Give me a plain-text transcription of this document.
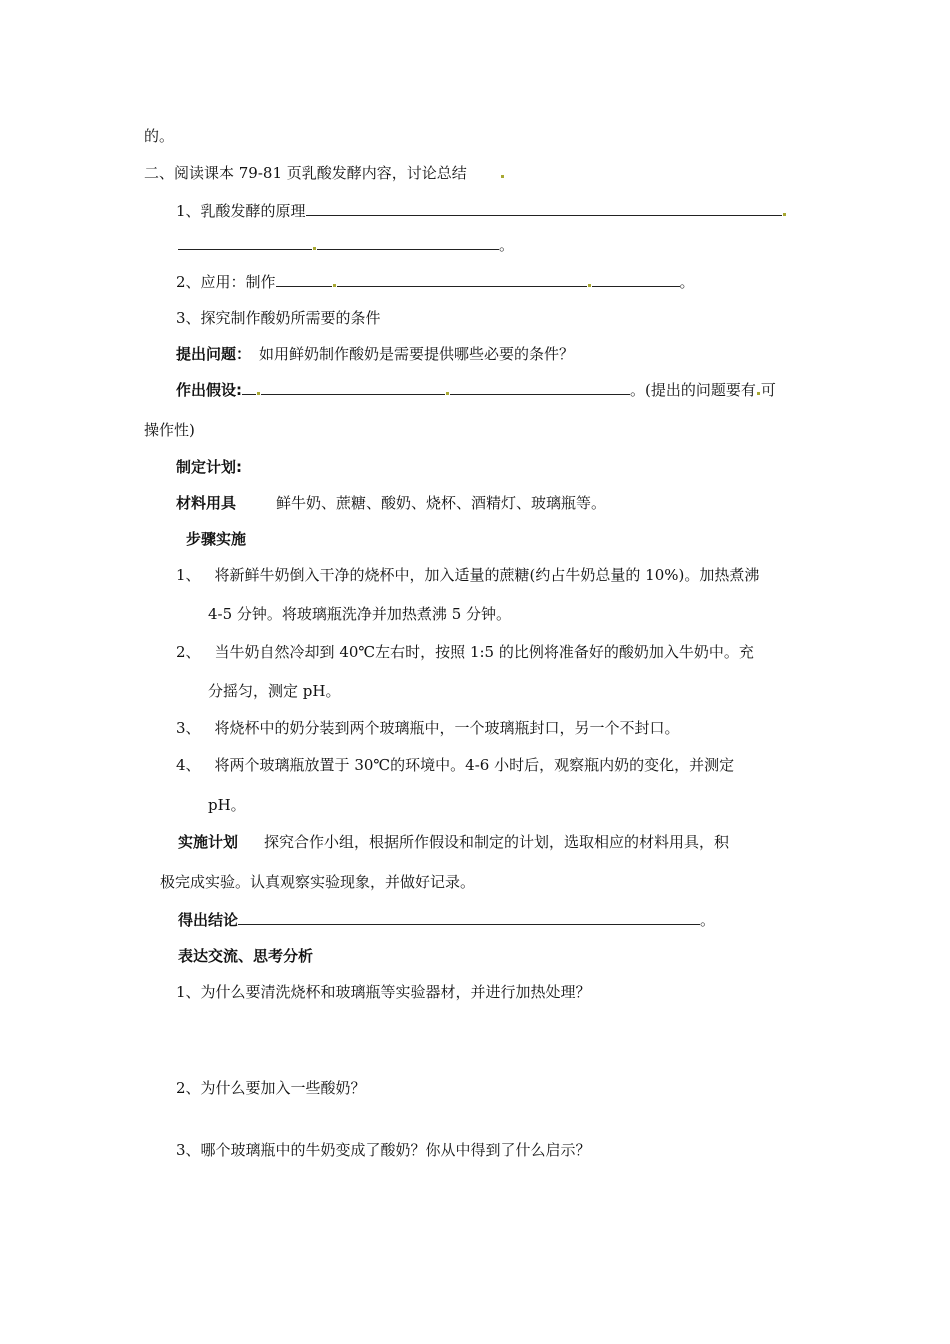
的。
二、阅读课本 79-81 页乳酸发酵内容，讨论总结
1、乳酸发酵的原理
。
2、应用：制作	。
3、探究制作酸奶所需要的条件
提出问题： 如用鲜奶制作酸奶是需要提供哪些必要的条件？
作出假设:	。(提出的问题要有 可
操作性)
制定计划:
材料用具	鲜牛奶、蔗糖、酸奶、烧杯、酒精灯、玻璃瓶等。
步骤实施
1、 将新鲜牛奶倒入干净的烧杯中，加入适量的蔗糖(约占牛奶总量的 10%)。加热煮沸
4-5 分钟。将玻璃瓶洗净并加热煮沸 5 分钟。
2、 当牛奶自然冷却到 40℃左右时，按照 1:5 的比例将准备好的酸奶加入牛奶中。充
分摇匀，测定 pH。
3、 将烧杯中的奶分装到两个玻璃瓶中，一个玻璃瓶封口，另一个不封口。
4、 将两个玻璃瓶放置于 30℃的环境中。4-6 小时后，观察瓶内奶的变化，并测定
pH。
实施计划 探究合作小组，根据所作假设和制定的计划，选取相应的材料用具，积
极完成实验。认真观察实验现象，并做好记录。
得出结论	。
表达交流、思考分析
1、为什么要清洗烧杯和玻璃瓶等实验器材，并进行加热处理？
2、为什么要加入一些酸奶？
3、哪个玻璃瓶中的牛奶变成了酸奶？你从中得到了什么启示？
